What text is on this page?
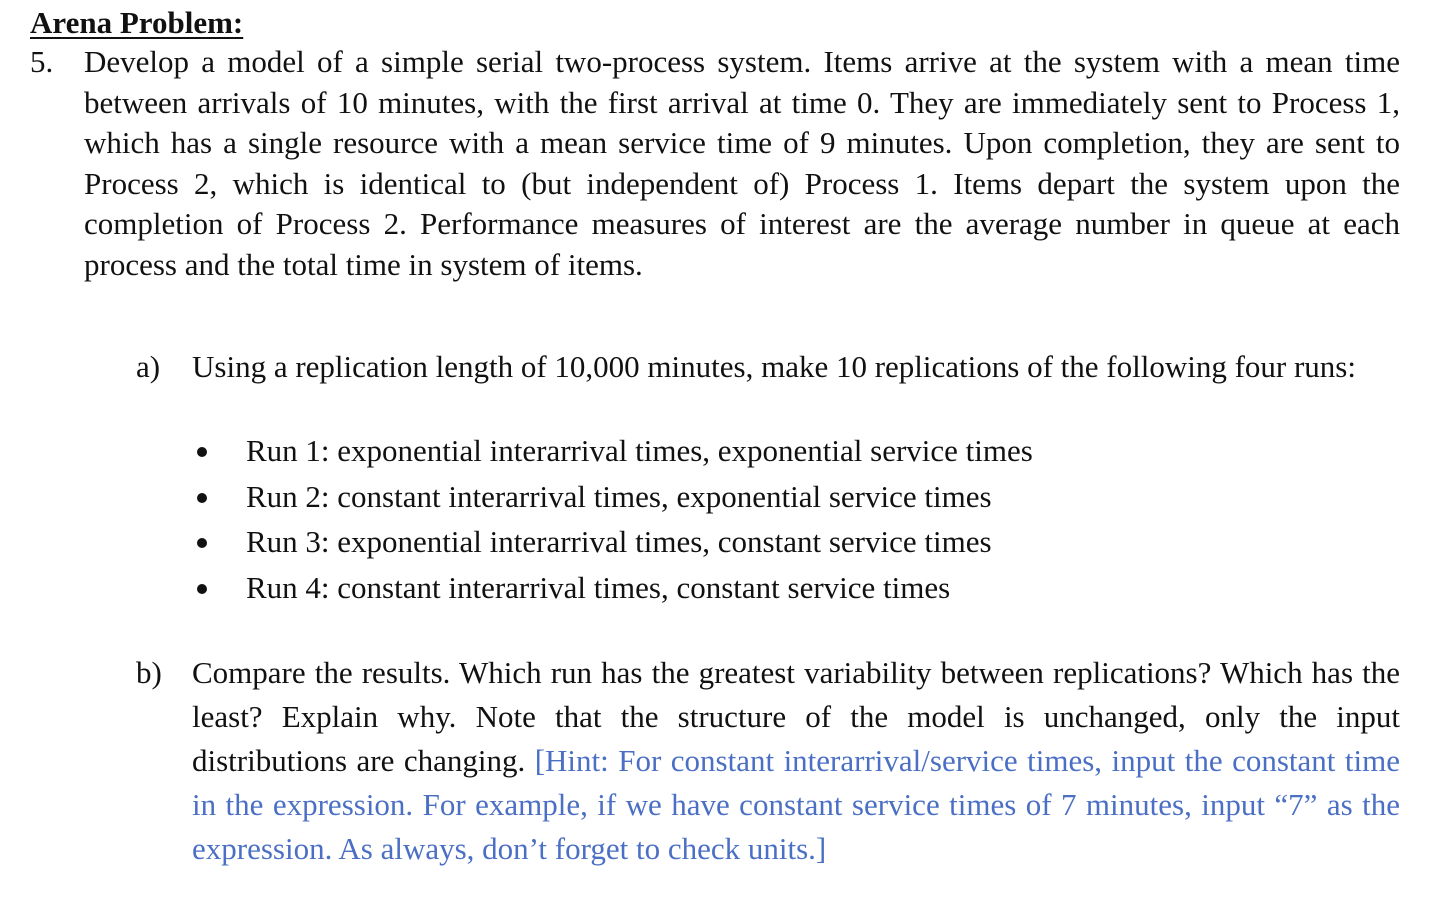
Arena Problem:
5. Develop a model of a simple serial two-process system. Items arrive at the system with a mean time between arrivals of 10 minutes, with the first arrival at time 0. They are immediately sent to Process 1, which has a single resource with a mean service time of 9 minutes. Upon completion, they are sent to Process 2, which is identical to (but independent of) Process 1. Items depart the system upon the completion of Process 2. Performance measures of interest are the average number in queue at each process and the total time in system of items.
a) Using a replication length of 10,000 minutes, make 10 replications of the following four runs:
Run 1: exponential interarrival times, exponential service times
Run 2: constant interarrival times, exponential service times
Run 3: exponential interarrival times, constant service times
Run 4: constant interarrival times, constant service times
b) Compare the results. Which run has the greatest variability between replications? Which has the least? Explain why. Note that the structure of the model is unchanged, only the input distributions are changing. [Hint: For constant interarrival/service times, input the constant time in the expression. For example, if we have constant service times of 7 minutes, input “7” as the expression. As always, don’t forget to check units.]
